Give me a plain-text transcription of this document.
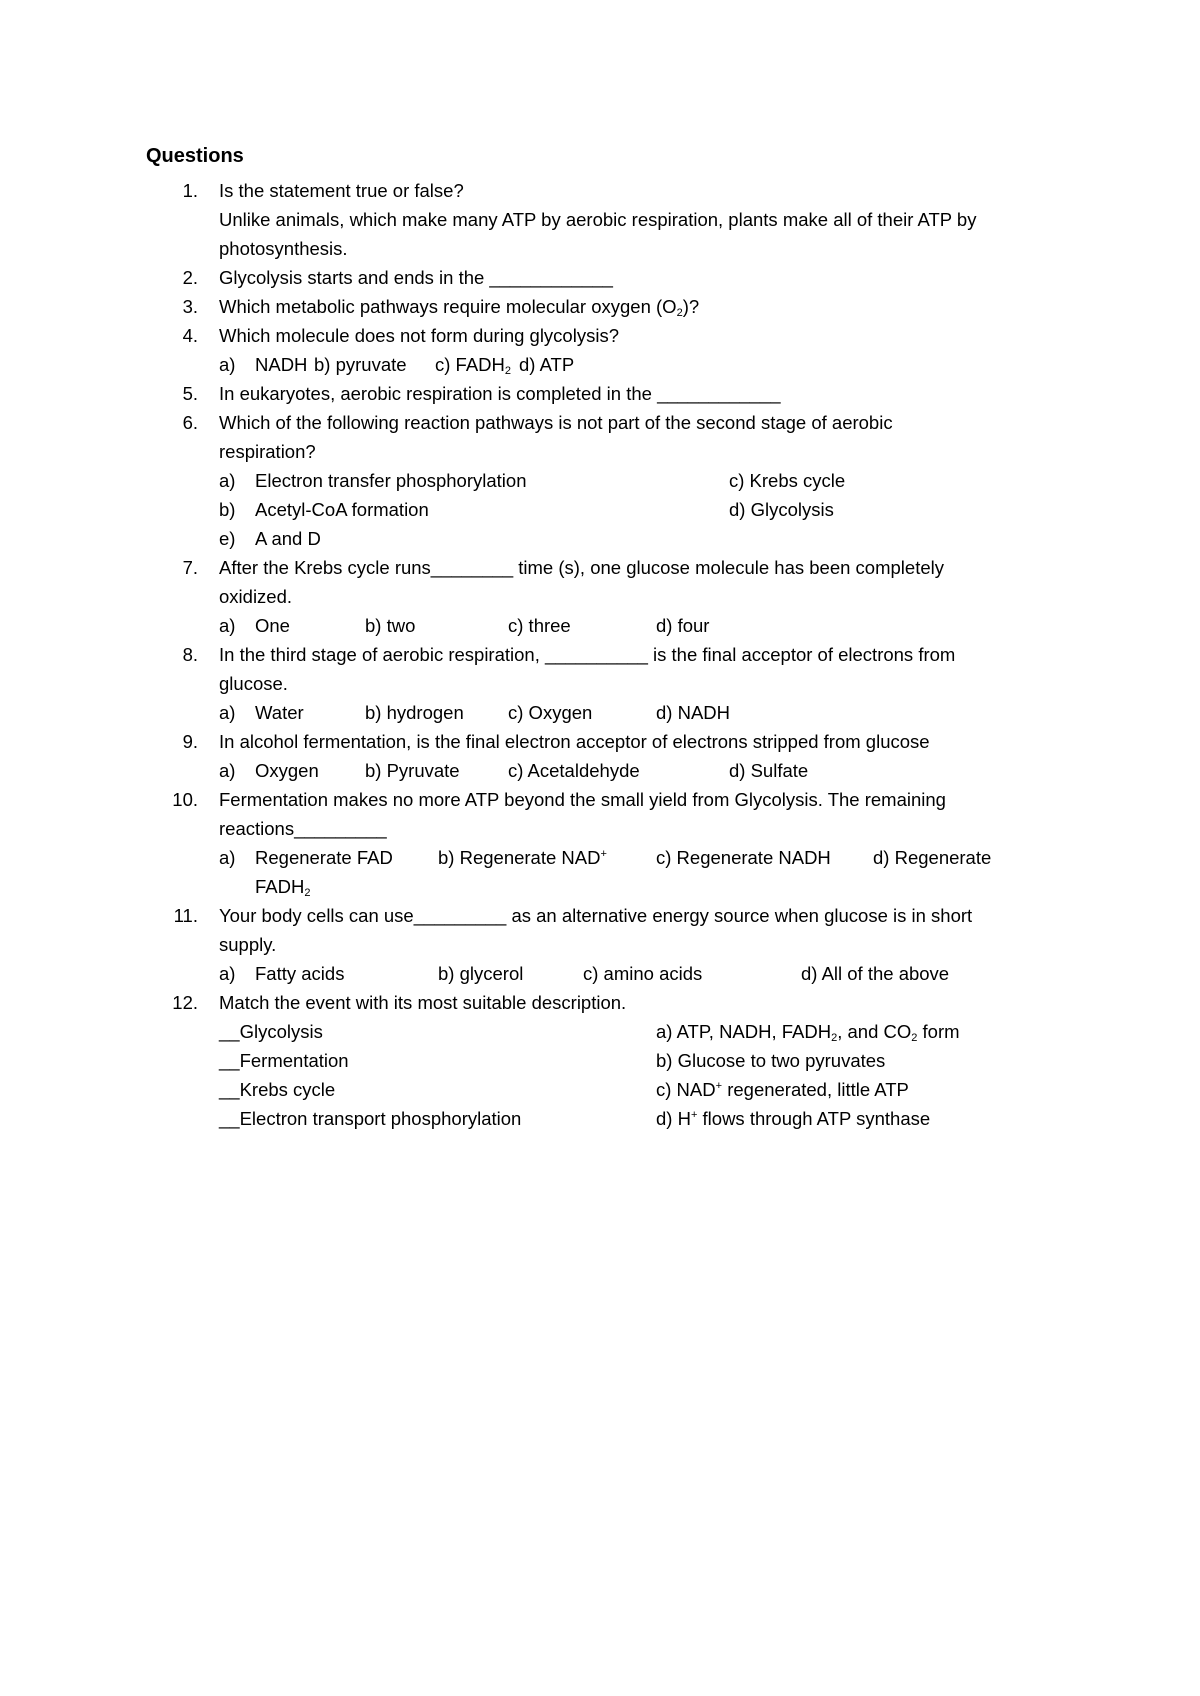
Questions
1. Is the statement true or false?
Unlike animals, which make many ATP by aerobic respiration, plants make all of their ATP by
photosynthesis.
2. Glycolysis starts and ends in the ____________
3. Which metabolic pathways require molecular oxygen $(O_2)$?
4. Which molecule does not form during glycolysis?
a) NADH b) pyruvate c) $FADH_2$ d) ATP
5. In eukaryotes, aerobic respiration is completed in the ____________
6. Which of the following reaction pathways is not part of the second stage of aerobic
respiration?
a) Electron transfer phosphorylation	c) Krebs cycle
b) Acetyl-CoA formation	d) Glycolysis
e) A and D
7. After the Krebs cycle runs________ time (s), one glucose molecule has been completely
oxidized.
a) One	b) two	c) three	d) four
8. In the third stage of aerobic respiration, __________ is the final acceptor of electrons from
glucose.
a) Water	b) hydrogen c) Oxygen	d) NADH
9. In alcohol fermentation, is the final electron acceptor of electrons stripped from glucose
a) Oxygen b) Pyruvate	c) Acetaldehyde	d) Sulfate
10. Fermentation makes no more ATP beyond the small yield from Glycolysis. The remaining
reactions_________
a) Regenerate FAD b) Regenerate NAD+	c) Regenerate NADH d) Regenerate
$FADH_2$
11. Your body cells can use_________ as an alternative energy source when glucose is in short
supply.
a) Fatty acids	b) glycerol	c) amino acids	d) All of the above
12. Match the event with its most suitable description.
__Glycolysis	a) ATP, NADH, $FADH_2$, and $CO_2$ form
__Fermentation	b) Glucose to two pyruvates
__Krebs cycle	c) NAD+ regenerated, little ATP
__Electron transport phosphorylation	d) H+ flows through ATP synthase
